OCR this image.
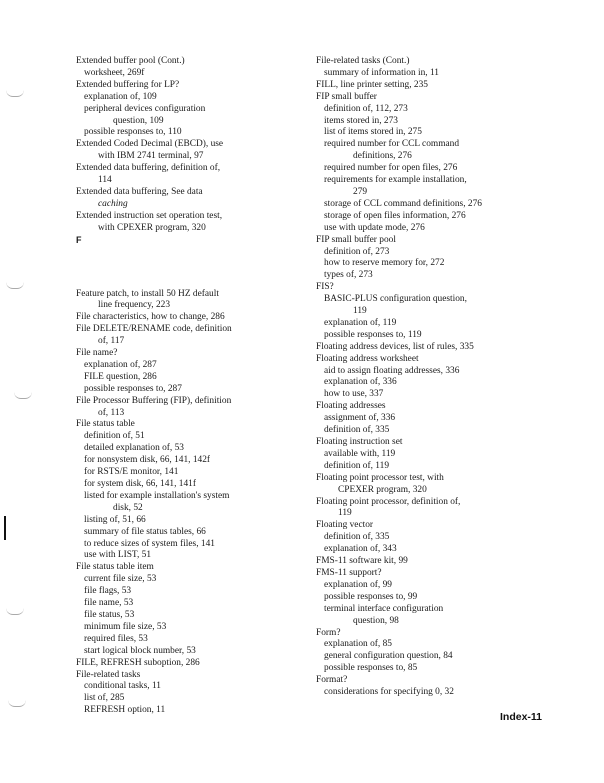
Extended buffer pool (Cont.)
worksheet, 269f
Extended buffering for LP?
explanation of, 109
peripheral devices configuration
question, 109
possible responses to, 110
Extended Coded Decimal (EBCD), use
with IBM 2741 terminal, 97
Extended data buffering, definition of,
114
Extended data buffering, See data
caching
Extended instruction set operation test,
with CPEXER program, 320
F
Feature patch, to install 50 HZ default
line frequency, 223
File characteristics, how to change, 286
File DELETE/RENAME code, definition
of, 117
File name?
explanation of, 287
FILE question, 286
possible responses to, 287
File Processor Buffering (FIP), definition
of, 113
File status table
definition of, 51
detailed explanation of, 53
for nonsystem disk, 66, 141, 142f
for RSTS/E monitor, 141
for system disk, 66, 141, 141f
listed for example installation's system
disk, 52
listing of, 51, 66
summary of file status tables, 66
to reduce sizes of system files, 141
use with LIST, 51
File status table item
current file size, 53
file flags, 53
file name, 53
file status, 53
minimum file size, 53
required files, 53
start logical block number, 53
FILE, REFRESH suboption, 286
File-related tasks
conditional tasks, 11
list of, 285
REFRESH option, 11
File-related tasks (Cont.)
summary of information in, 11
FILL, line printer setting, 235
FIP small buffer
definition of, 112, 273
items stored in, 273
list of items stored in, 275
required number for CCL command
definitions, 276
required number for open files, 276
requirements for example installation,
279
storage of CCL command definitions, 276
storage of open files information, 276
use with update mode, 276
FIP small buffer pool
definition of, 273
how to reserve memory for, 272
types of, 273
FIS?
BASIC-PLUS configuration question,
119
explanation of, 119
possible responses to, 119
Floating address devices, list of rules, 335
Floating address worksheet
aid to assign floating addresses, 336
explanation of, 336
how to use, 337
Floating addresses
assignment of, 336
definition of, 335
Floating instruction set
available with, 119
definition of, 119
Floating point processor test, with
CPEXER program, 320
Floating point processor, definition of,
119
Floating vector
definition of, 335
explanation of, 343
FMS-11 software kit, 99
FMS-11 support?
explanation of, 99
possible responses to, 99
terminal interface configuration
question, 98
Form?
explanation of, 85
general configuration question, 84
possible responses to, 85
Format?
considerations for specifying 0, 32
Index-11
